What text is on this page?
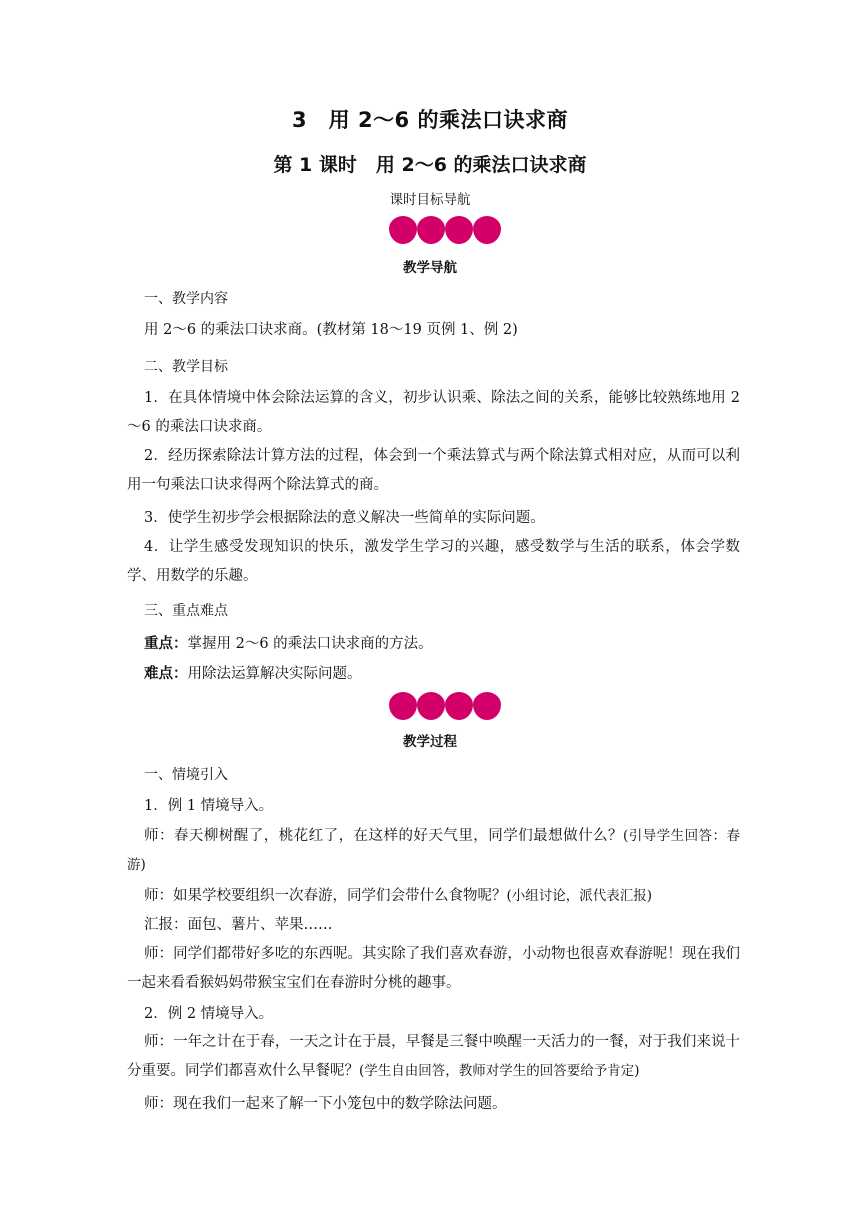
3　用 2～6 的乘法口诀求商
第 1 课时　用 2～6 的乘法口诀求商
课时目标导航
教学导航
一、教学内容
用 2～6 的乘法口诀求商。(教材第 18～19 页例 1、例 2)
二、教学目标
1．在具体情境中体会除法运算的含义，初步认识乘、除法之间的关系，能够比较熟练地用 2～6 的乘法口诀求商。
2．经历探索除法计算方法的过程，体会到一个乘法算式与两个除法算式相对应，从而可以利用一句乘法口诀求得两个除法算式的商。
3．使学生初步学会根据除法的意义解决一些简单的实际问题。
4．让学生感受发现知识的快乐，激发学生学习的兴趣，感受数学与生活的联系，体会学数学、用数学的乐趣。
三、重点难点
重点：掌握用 2～6 的乘法口诀求商的方法。
难点：用除法运算解决实际问题。
教学过程
一、情境引入
1．例 1 情境导入。
师：春天柳树醒了，桃花红了，在这样的好天气里，同学们最想做什么？(引导学生回答：春游)
师：如果学校要组织一次春游，同学们会带什么食物呢？(小组讨论，派代表汇报)
汇报：面包、薯片、苹果……
师：同学们都带好多吃的东西呢。其实除了我们喜欢春游，小动物也很喜欢春游呢！现在我们一起来看看猴妈妈带猴宝宝们在春游时分桃的趣事。
2．例 2 情境导入。
师：一年之计在于春，一天之计在于晨，早餐是三餐中唤醒一天活力的一餐，对于我们来说十分重要。同学们都喜欢什么早餐呢？(学生自由回答，教师对学生的回答要给予肯定)
师：现在我们一起来了解一下小笼包中的数学除法问题。
